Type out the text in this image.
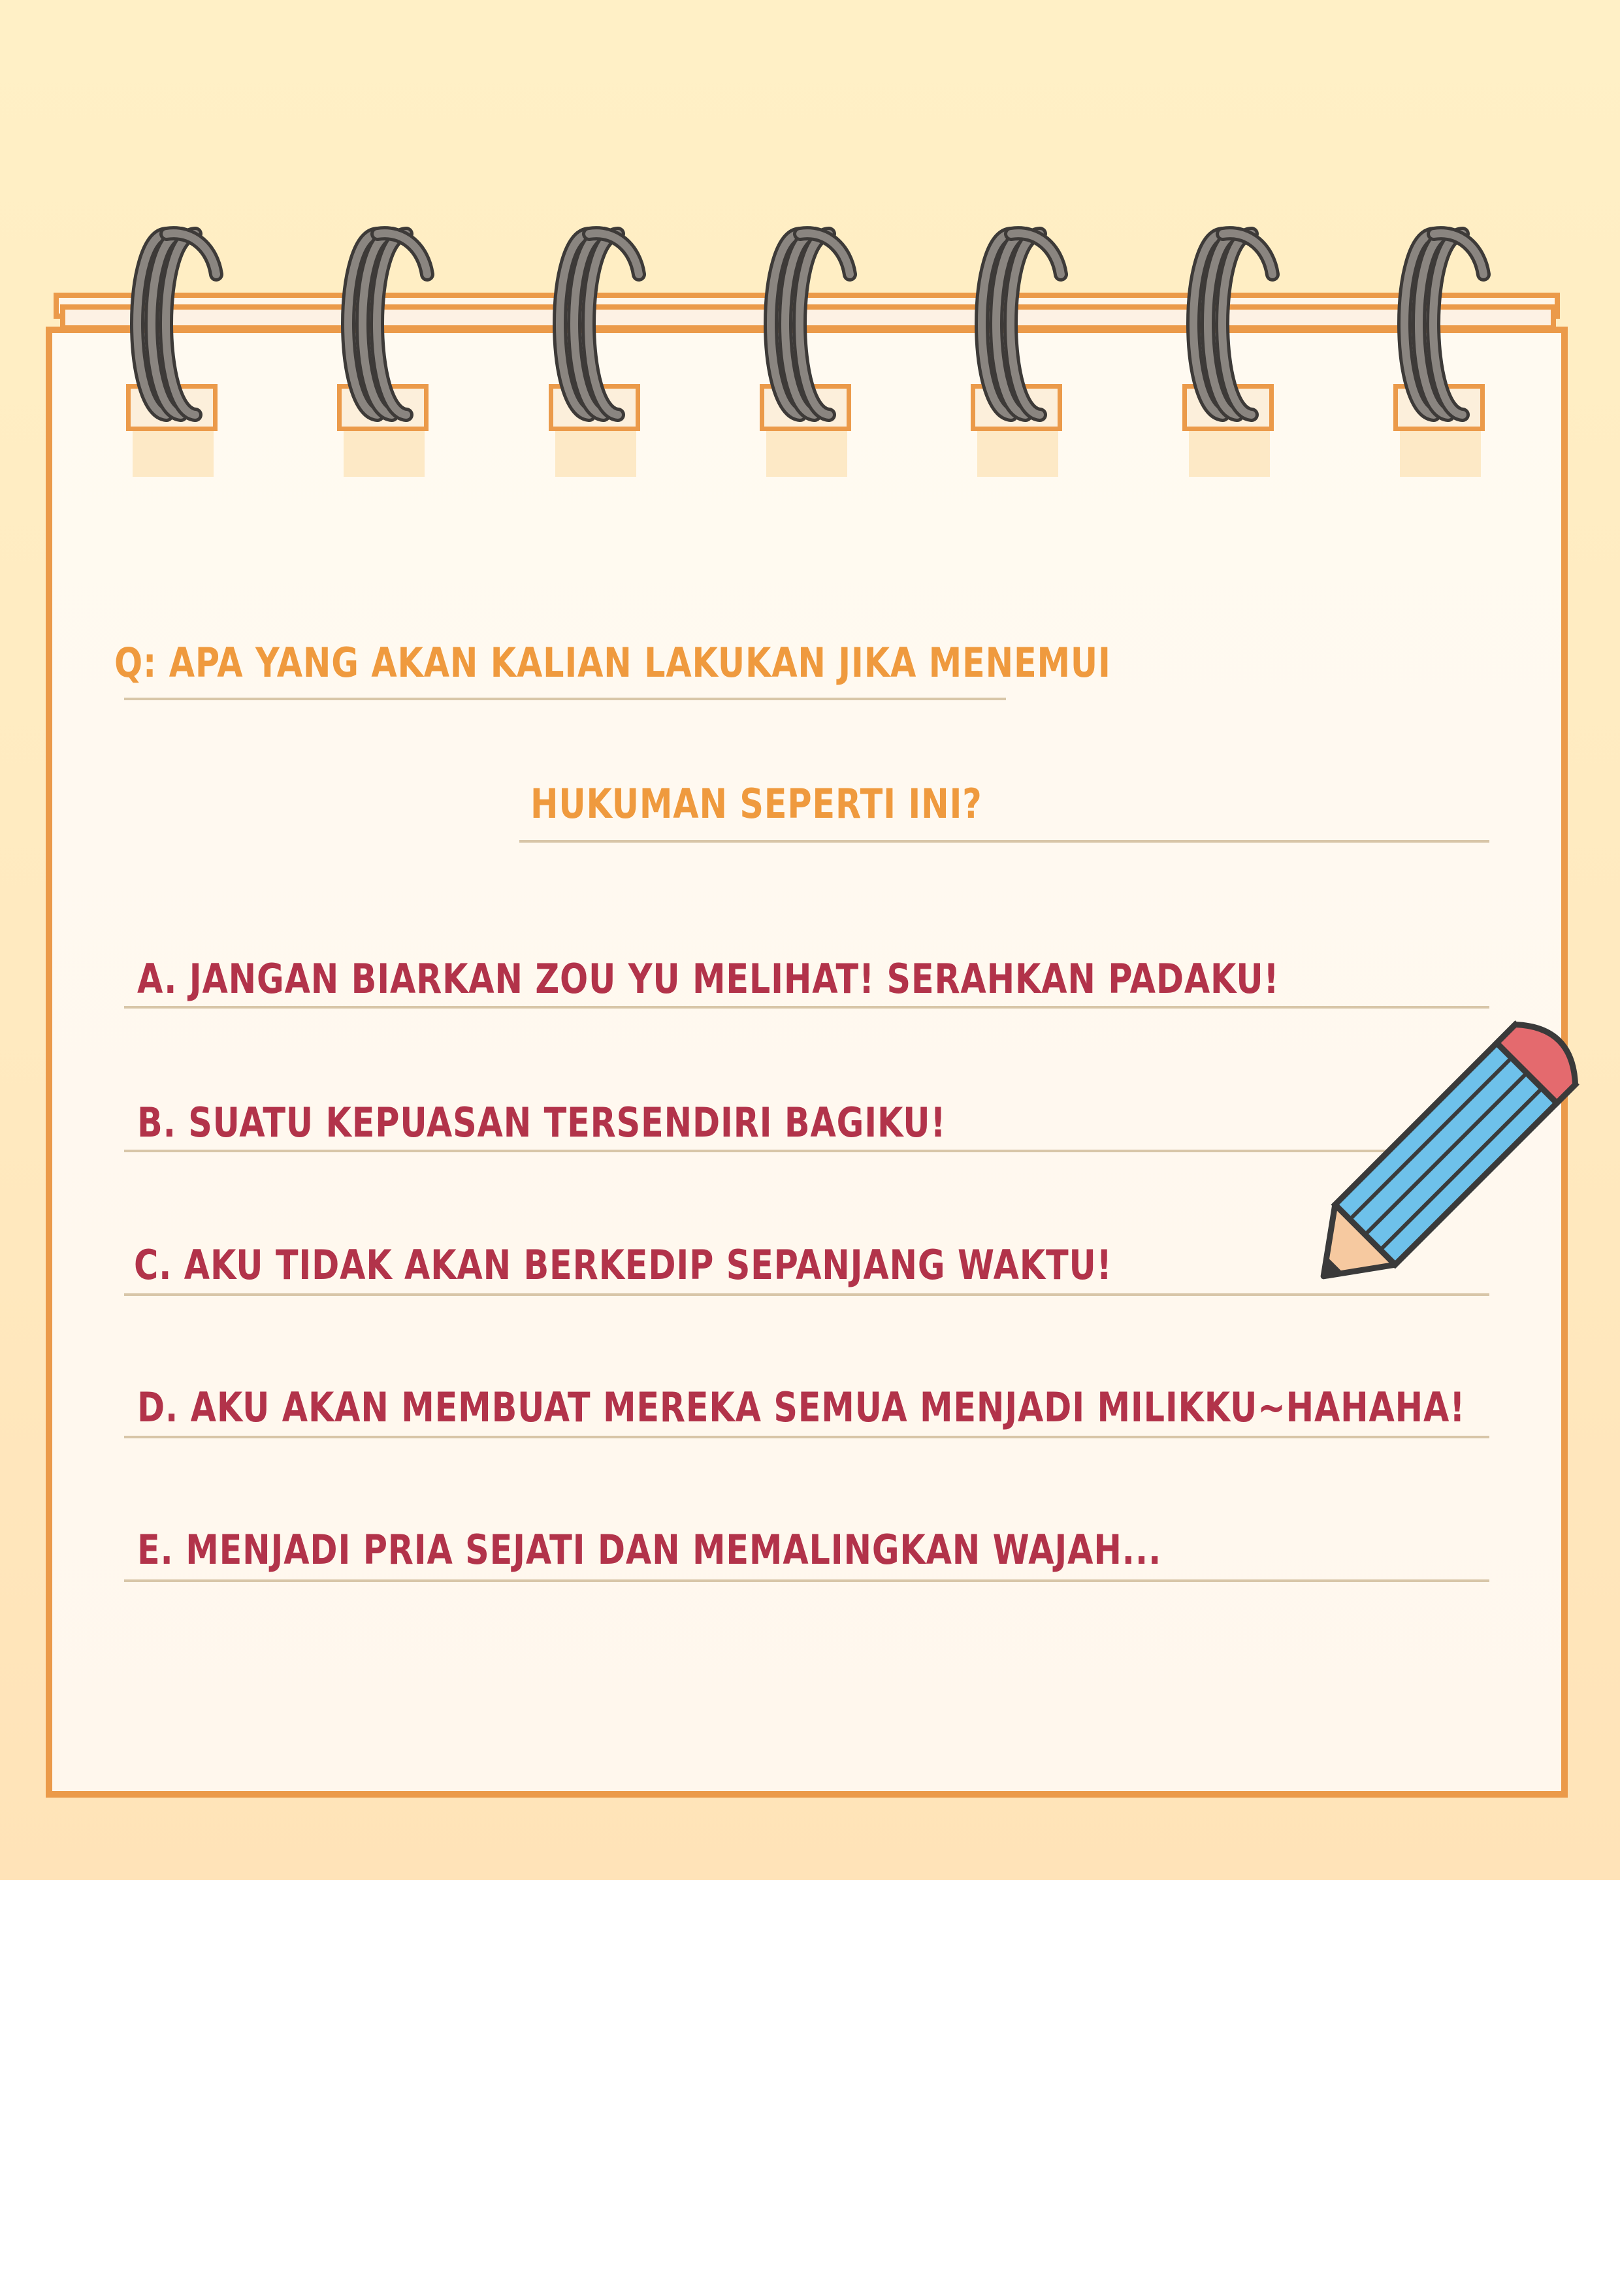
Q: APA YANG AKAN KALIAN LAKUKAN JIKA MENEMUI

HUKUMAN SEPERTI INI?

A. JANGAN BIARKAN ZOU YU MELIHAT! SERAHKAN PADAKU!

B. SUATU KEPUASAN TERSENDIRI BAGIKU!

C. AKU TIDAK AKAN BERKEDIP SEPANJANG WAKTU!

D. AKU AKAN MEMBUAT MEREKA SEMUA MENJADI MILIKKU~HAHAHA!

E. MENJADI PRIA SEJATI DAN MEMALINGKAN WAJAH...
